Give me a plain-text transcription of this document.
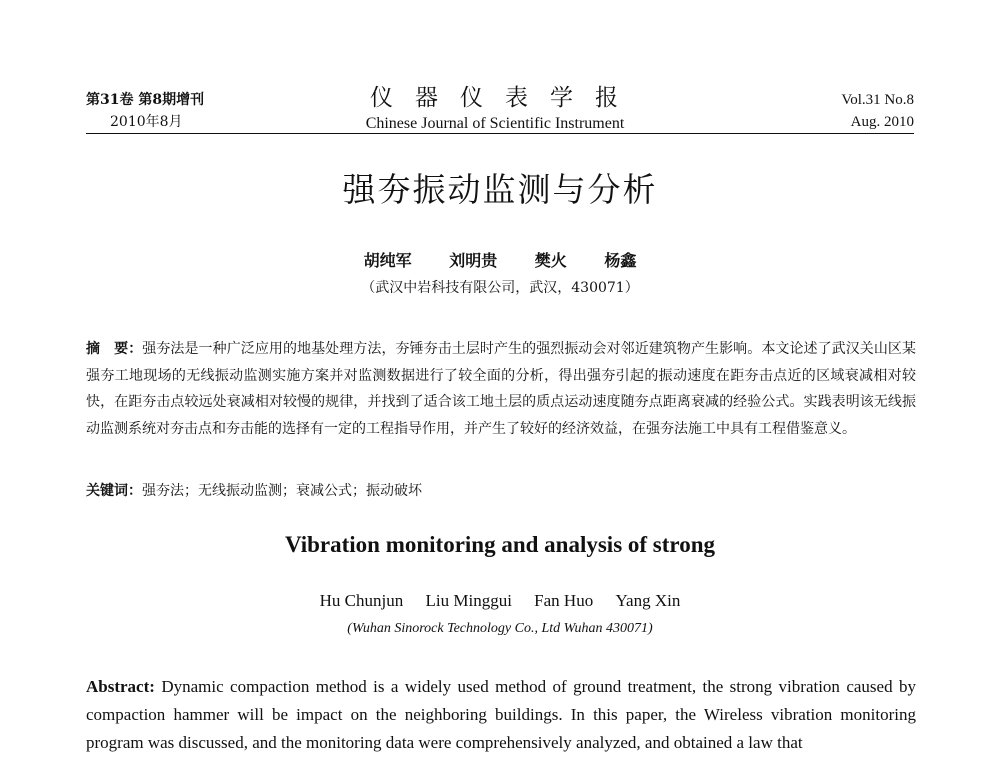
第31卷 第8期增刊
2010年8月
仪器仪表学报
Chinese Journal of Scientific Instrument
Vol.31 No.8
Aug. 2010
强夯振动监测与分析
胡纯军 刘明贵 樊火 杨鑫
（武汉中岩科技有限公司，武汉，430071）
摘　要：强夯法是一种广泛应用的地基处理方法，夯锤夯击土层时产生的强烈振动会对邻近建筑物产生影响。本文论述了武汉关山区某强夯工地现场的无线振动监测实施方案并对监测数据进行了较全面的分析，得出强夯引起的振动速度在距夯击点近的区域衰减相对较快，在距夯击点较远处衰减相对较慢的规律，并找到了适合该工地土层的质点运动速度随夯点距离衰减的经验公式。实践表明该无线振动监测系统对夯击点和夯击能的选择有一定的工程指导作用，并产生了较好的经济效益，在强夯法施工中具有工程借鉴意义。
关键词：强夯法；无线振动监测；衰减公式；振动破坏
Vibration monitoring and analysis of strong
Hu Chunjun Liu Minggui Fan Huo Yang Xin
(Wuhan Sinorock Technology Co., Ltd Wuhan 430071)
Abstract: Dynamic compaction method is a widely used method of ground treatment, the strong vibration caused by compaction hammer will be impact on the neighboring buildings. In this paper, the Wireless vibration monitoring program was discussed, and the monitoring data were comprehensively analyzed, and obtained a law that
